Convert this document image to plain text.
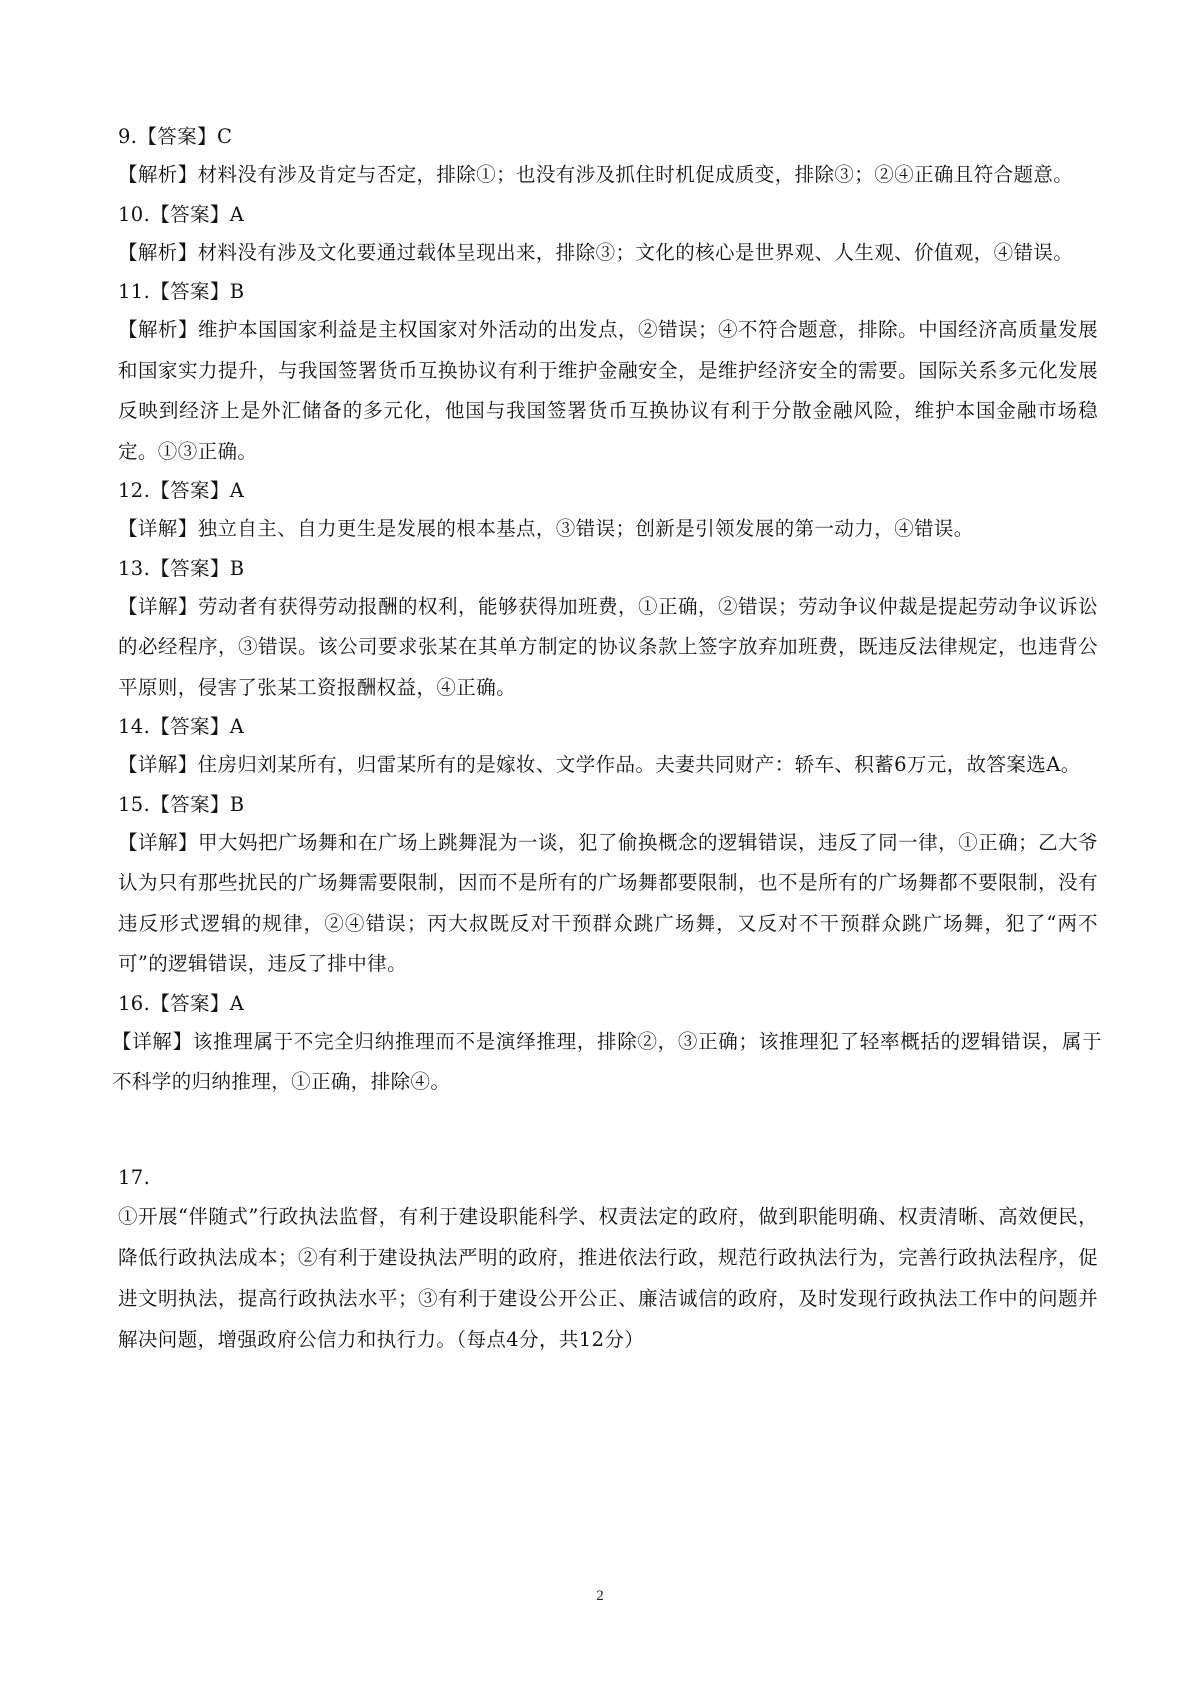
9.【答案】C

【解析】材料没有涉及肯定与否定，排除①；也没有涉及抓住时机促成质变，排除③；②④正确且符合题意。

10.【答案】A

【解析】材料没有涉及文化要通过载体呈现出来，排除③；文化的核心是世界观、人生观、价值观，④错误。

11.【答案】B

【解析】维护本国国家利益是主权国家对外活动的出发点，②错误；④不符合题意，排除。中国经济高质量发展和国家实力提升，与我国签署货币互换协议有利于维护金融安全，是维护经济安全的需要。国际关系多元化发展反映到经济上是外汇储备的多元化，他国与我国签署货币互换协议有利于分散金融风险，维护本国金融市场稳定。①③正确。

12.【答案】A

【详解】独立自主、自力更生是发展的根本基点，③错误；创新是引领发展的第一动力，④错误。

13.【答案】B

【详解】劳动者有获得劳动报酬的权利，能够获得加班费，①正确，②错误；劳动争议仲裁是提起劳动争议诉讼的必经程序，③错误。该公司要求张某在其单方制定的协议条款上签字放弃加班费，既违反法律规定，也违背公平原则，侵害了张某工资报酬权益，④正确。

14.【答案】A

【详解】住房归刘某所有，归雷某所有的是嫁妆、文学作品。夫妻共同财产：轿车、积蓄6万元，故答案选A。

15.【答案】B

【详解】甲大妈把广场舞和在广场上跳舞混为一谈，犯了偷换概念的逻辑错误，违反了同一律，①正确；乙大爷认为只有那些扰民的广场舞需要限制，因而不是所有的广场舞都要限制，也不是所有的广场舞都不要限制，没有违反形式逻辑的规律，②④错误；丙大叔既反对干预群众跳广场舞，又反对不干预群众跳广场舞，犯了“两不可”的逻辑错误，违反了排中律。

16.【答案】A

【详解】该推理属于不完全归纳推理而不是演绎推理，排除②，③正确；该推理犯了轻率概括的逻辑错误，属于不科学的归纳推理，①正确，排除④。

17.

①开展“伴随式”行政执法监督，有利于建设职能科学、权责法定的政府，做到职能明确、权责清晰、高效便民，降低行政执法成本；②有利于建设执法严明的政府，推进依法行政，规范行政执法行为，完善行政执法程序，促进文明执法，提高行政执法水平；③有利于建设公开公正、廉洁诚信的政府，及时发现行政执法工作中的问题并解决问题，增强政府公信力和执行力。（每点4分，共12分）

2
